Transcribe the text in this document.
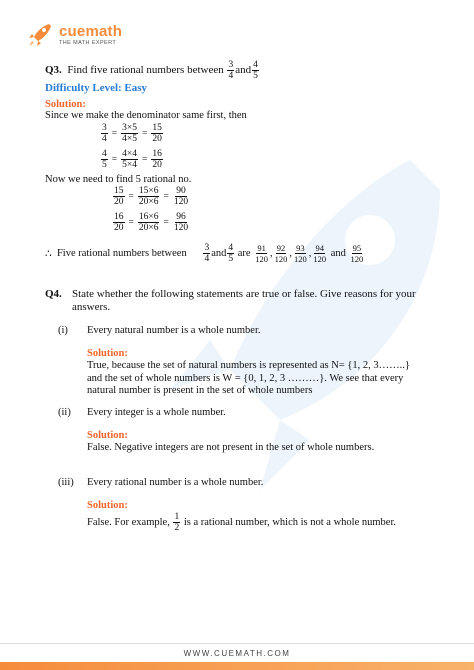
cuemath
THE MATH EXPERT
Q3.
Find five rational numbers between
$\frac{3}{4}$ and $\frac{4}{5}$
Difficulty Level: Easy
Solution:
Since we make the denominator same first, then
$\frac{3}{4} = \frac{3\times 5}{4\times 5} = \frac{15}{20}$
$\frac{4}{5} = \frac{4\times 4}{5\times 4} = \frac{16}{20}$
Now we need to find 5 rational no.
$\frac{15}{20} = \frac{15\times 6}{20\times 6} = \frac{90}{120}$
$\frac{16}{20} = \frac{16\times 6}{20\times 6} = \frac{96}{120}$
∴
Five rational numbers between
$\frac{3}{4}$ and $\frac{4}{5}$
are
$\frac{91}{120}$ , $\frac{92}{120}$ , $\frac{93}{120}$ , $\frac{94}{120}$
and
$\frac{95}{120}$
Q4. State whether the following statements are true or false. Give reasons for your answers.
(i) Every natural number is a whole number.
Solution:
True, because the set of natural numbers is represented as N= {1, 2, 3……..} and the set of whole numbers is W = {0, 1, 2, 3 ………}. We see that every natural number is present in the set of whole numbers
(ii) Every integer is a whole number.
Solution:
False. Negative integers are not present in the set of whole numbers.
(iii) Every rational number is a whole number.
Solution:
False. For example,
$\frac{1}{2}$
is a rational number, which is not a whole number.
WWW.CUEMATH.COM
